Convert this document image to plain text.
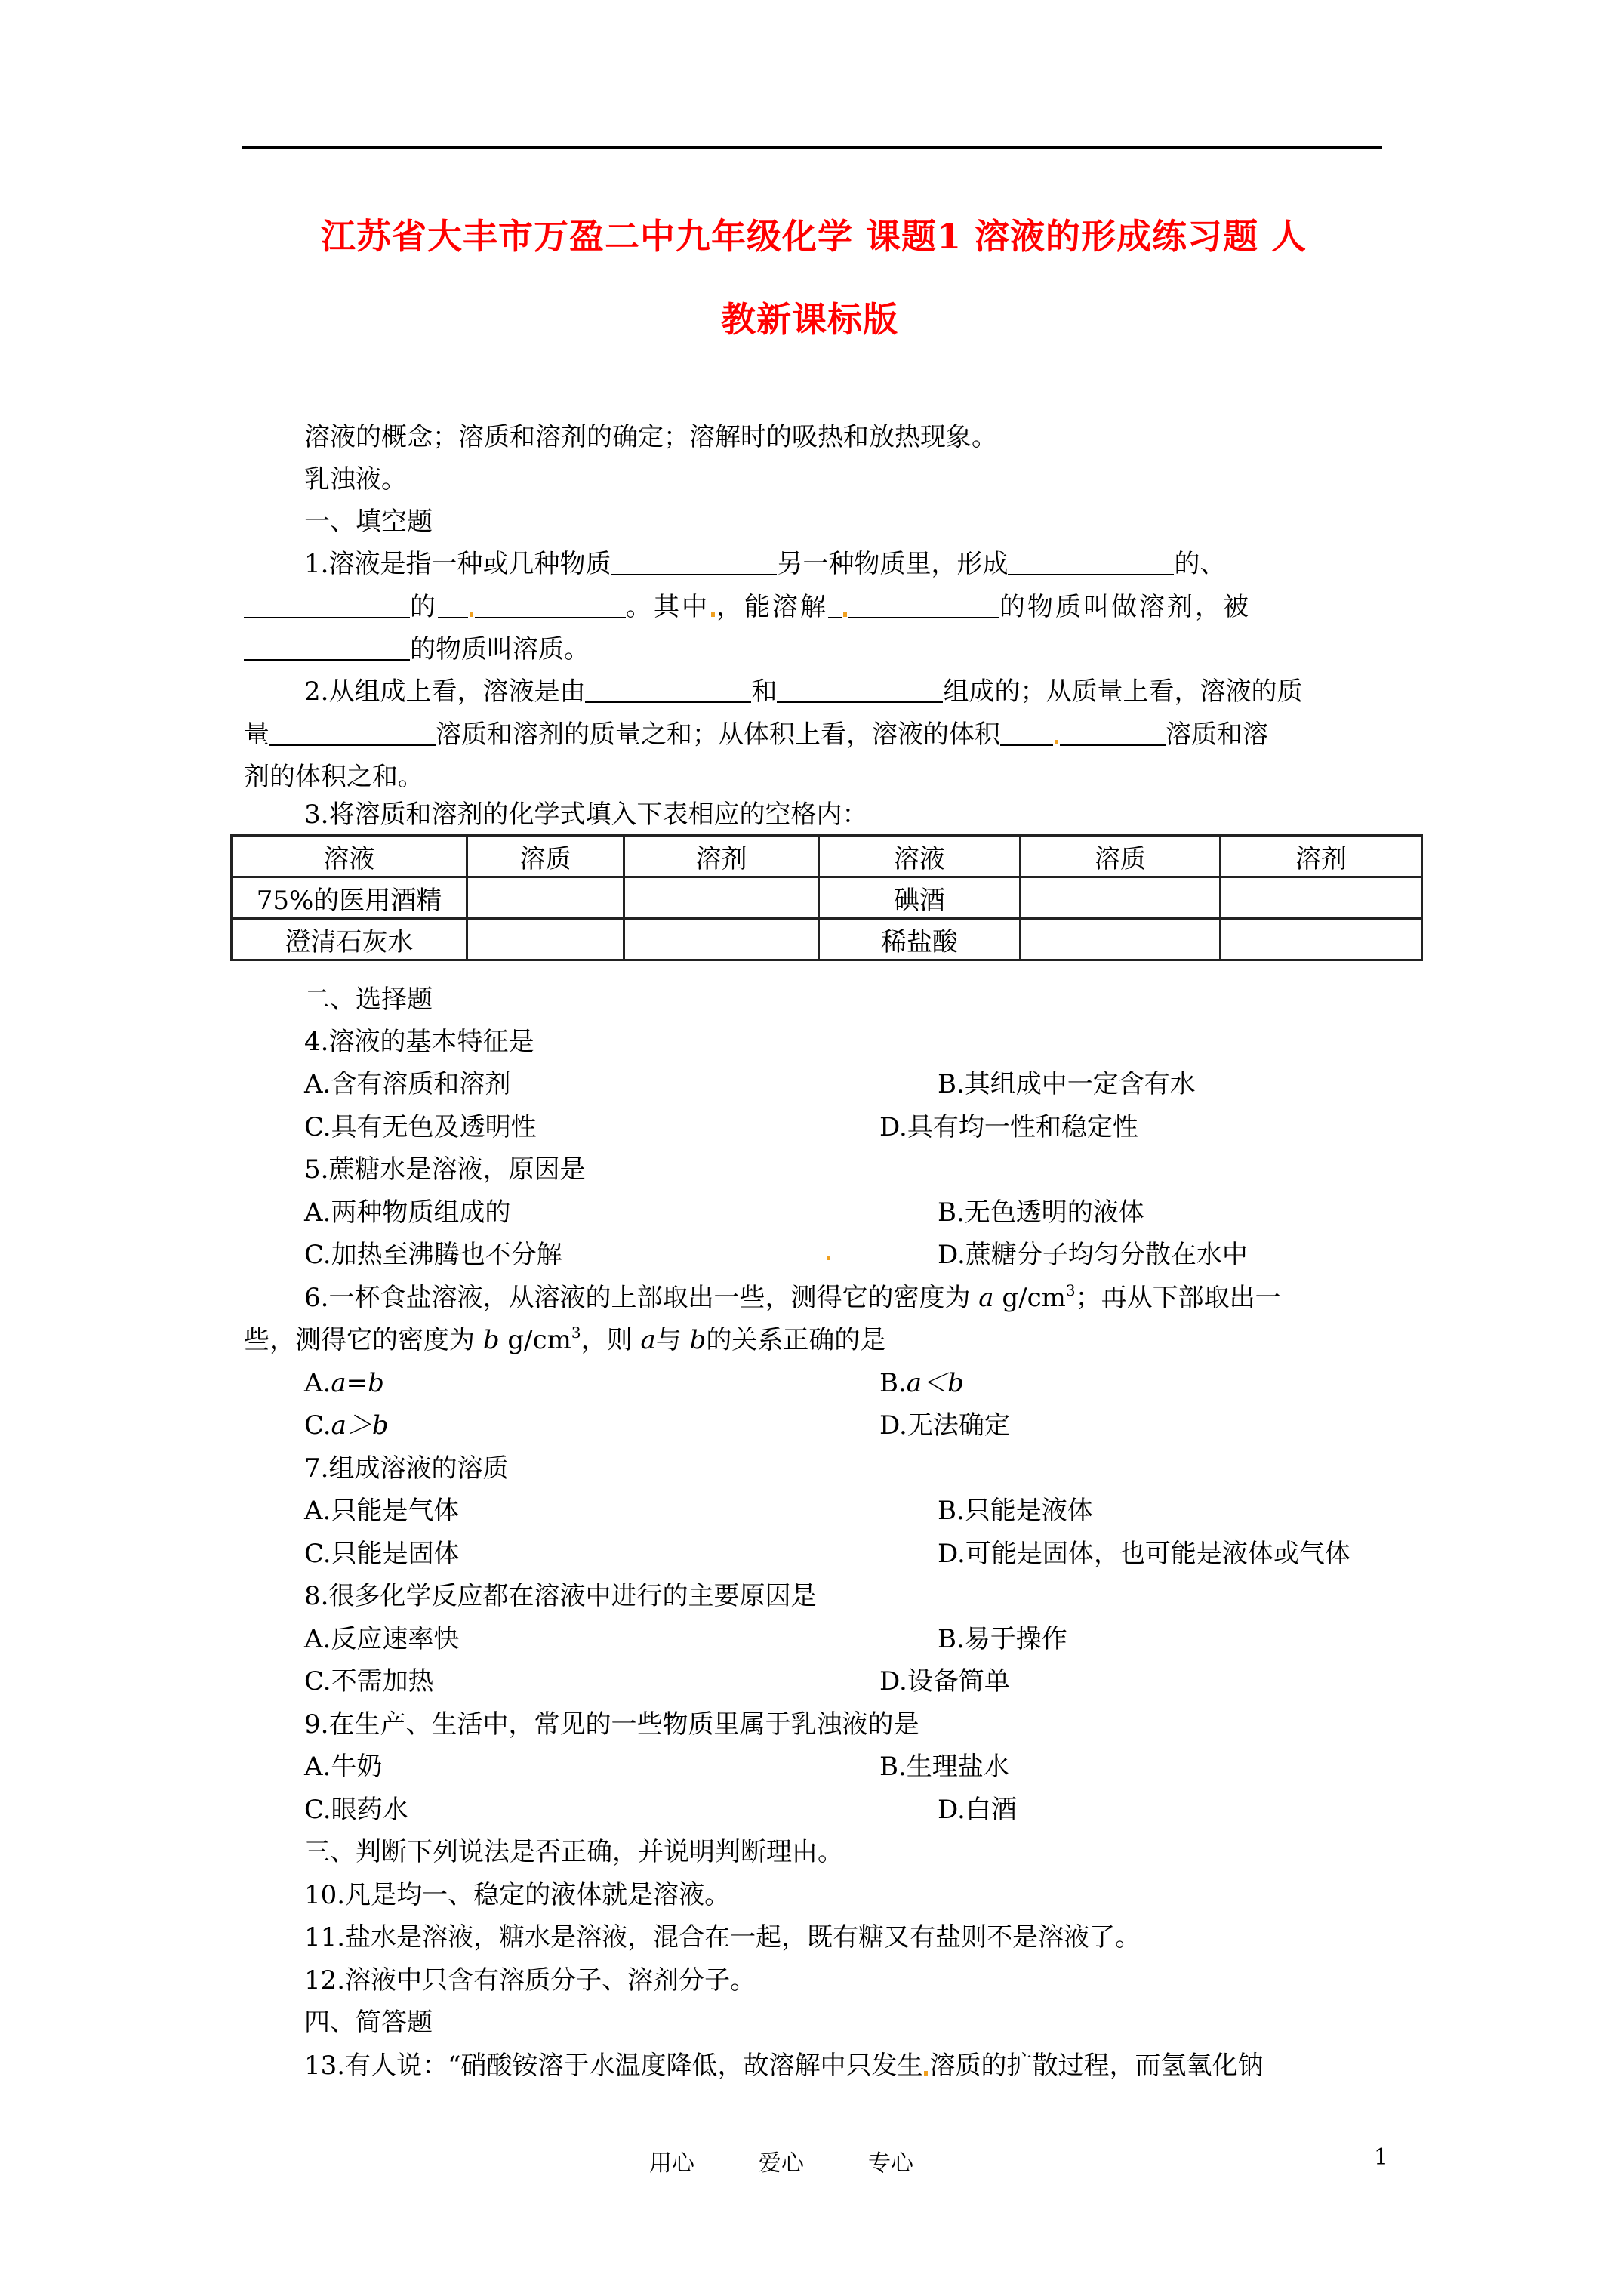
江苏省大丰市万盈二中九年级化学 课题1 溶液的形成练习题 人
教新课标版
溶液的概念；溶质和溶剂的确定；溶解时的吸热和放热现象。
乳浊液。
一、填空题
1.溶液是指一种或几种物质	另一种物质里，形成	的、
的	。其中 ，能溶解	的物质叫做溶剂，被
的物质叫溶质。
2.从组成上看，溶液是由	和	组成的；从质量上看，溶液的质
量	溶质和溶剂的质量之和；从体积上看，溶液的体积	溶质和溶
剂的体积之和。
3.将溶质和溶剂的化学式填入下表相应的空格内：
溶液	溶质	溶剂	溶液	溶质	溶剂
75%的医用酒精			碘酒		
澄清石灰水			稀盐酸		
二、选择题
4.溶液的基本特征是
A.含有溶质和溶剂	B.其组成中一定含有水
C.具有无色及透明性	D.具有均一性和稳定性
5.蔗糖水是溶液，原因是
A.两种物质组成的	B.无色透明的液体
C.加热至沸腾也不分解	D.蔗糖分子均匀分散在水中
6.一杯食盐溶液，从溶液的上部取出一些，测得它的密度为 a $g/cm^3$；再从下部取出一
些，测得它的密度为 b $g/cm^3$，则 a与 b的关系正确的是
A.a=b	B.a＜b
C.a＞b	D.无法确定
7.组成溶液的溶质
A.只能是气体	B.只能是液体
C.只能是固体	D.可能是固体，也可能是液体或气体
8.很多化学反应都在溶液中进行的主要原因是
A.反应速率快	B.易于操作
C.不需加热	D.设备简单
9.在生产、生活中，常见的一些物质里属于乳浊液的是
A.牛奶	B.生理盐水
C.眼药水	D.白酒
三、判断下列说法是否正确，并说明判断理由。
10.凡是均一、稳定的液体就是溶液。
11.盐水是溶液，糖水是溶液，混合在一起，既有糖又有盐则不是溶液了。
12.溶液中只含有溶质分子、溶剂分子。
四、简答题
13.有人说：“硝酸铵溶于水温度降低，故溶解中只发生 溶质的扩散过程，而氢氧化钠
用心	爱心	专心	1
